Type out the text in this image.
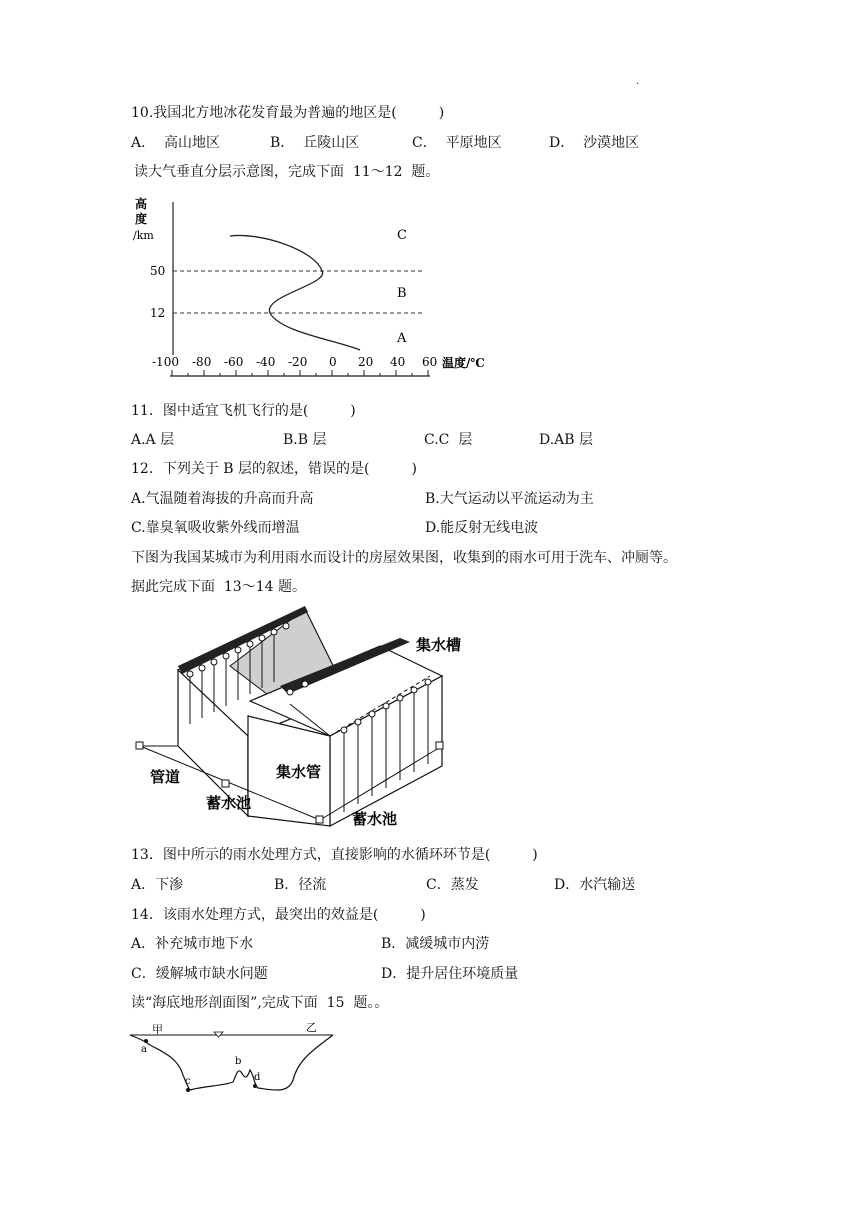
.
10.我国北方地冰花发育最为普遍的地区是(　　　)
A．  高山地区	B．  丘陵山区	C．  平原地区	D．  沙漠地区
读大气垂直分层示意图，完成下面  11～12  题。
高
度
/km
50
12
C
B
A
-100 -80 -60 -40 -20 0 20 40 60 温度/℃
11．图中适宜飞机飞行的是(　　　)
A.A 层	B.B 层	C.C  层	D.AB 层
12．下列关于 B 层的叙述，错误的是(　　　)
A.气温随着海拔的升高而升高	B.大气运动以平流运动为主
C.靠臭氧吸收紫外线而增温	D.能反射无线电波
下图为我国某城市为利用雨水而设计的房屋效果图，收集到的雨水可用于洗车、冲厕等。
据此完成下面  13～14 题。
集水槽
管道	集水管
蓄水池
蓄水池
13．图中所示的雨水处理方式，直接影响的水循环环节是(　　　)
A．下渗	B．径流	C．蒸发	D．水汽输送
14．该雨水处理方式，最突出的效益是(　　　)
A．补充城市地下水	B．减缓城市内涝
C．缓解城市缺水问题	D．提升居住环境质量
读“海底地形剖面图”,完成下面  15  题。。
甲	乙
a
b
c	d
